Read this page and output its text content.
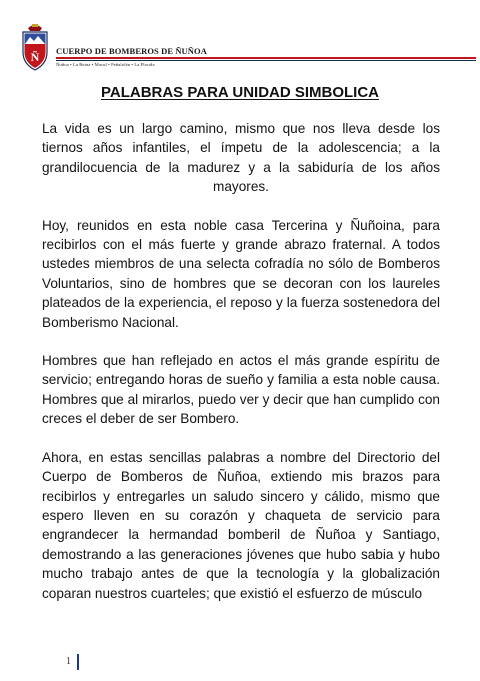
Ñ CUERPO DE BOMBEROS DE ÑUÑOA
Ñuñoa • La Reina • Macul • Peñalolén • La Florida
PALABRAS PARA UNIDAD SIMBOLICA

La vida es un largo camino, mismo que nos lleva desde los tiernos años infantiles, el ímpetu de la adolescencia; a la grandilocuencia de la madurez y a la sabiduría de los años mayores.

Hoy, reunidos en esta noble casa Tercerina y Ñuñoina, para recibirlos con el más fuerte y grande abrazo fraternal. A todos ustedes miembros de una selecta cofradía no sólo de Bomberos Voluntarios, sino de hombres que se decoran con los laureles plateados de la experiencia, el reposo y la fuerza sostenedora del Bomberismo Nacional.

Hombres que han reflejado en actos el más grande espíritu de servicio; entregando horas de sueño y familia a esta noble causa. Hombres que al mirarlos, puedo ver y decir que han cumplido con creces el deber de ser Bombero.

Ahora, en estas sencillas palabras a nombre del Directorio del Cuerpo de Bomberos de Ñuñoa, extiendo mis brazos para recibirlos y entregarles un saludo sincero y cálido, mismo que espero lleven en su corazón y chaqueta de servicio para engrandecer la hermandad bomberil de Ñuñoa y Santiago, demostrando a las generaciones jóvenes que hubo sabia y hubo mucho trabajo antes de que la tecnología y la globalización coparan nuestros cuarteles; que existió el esfuerzo de músculo

1
